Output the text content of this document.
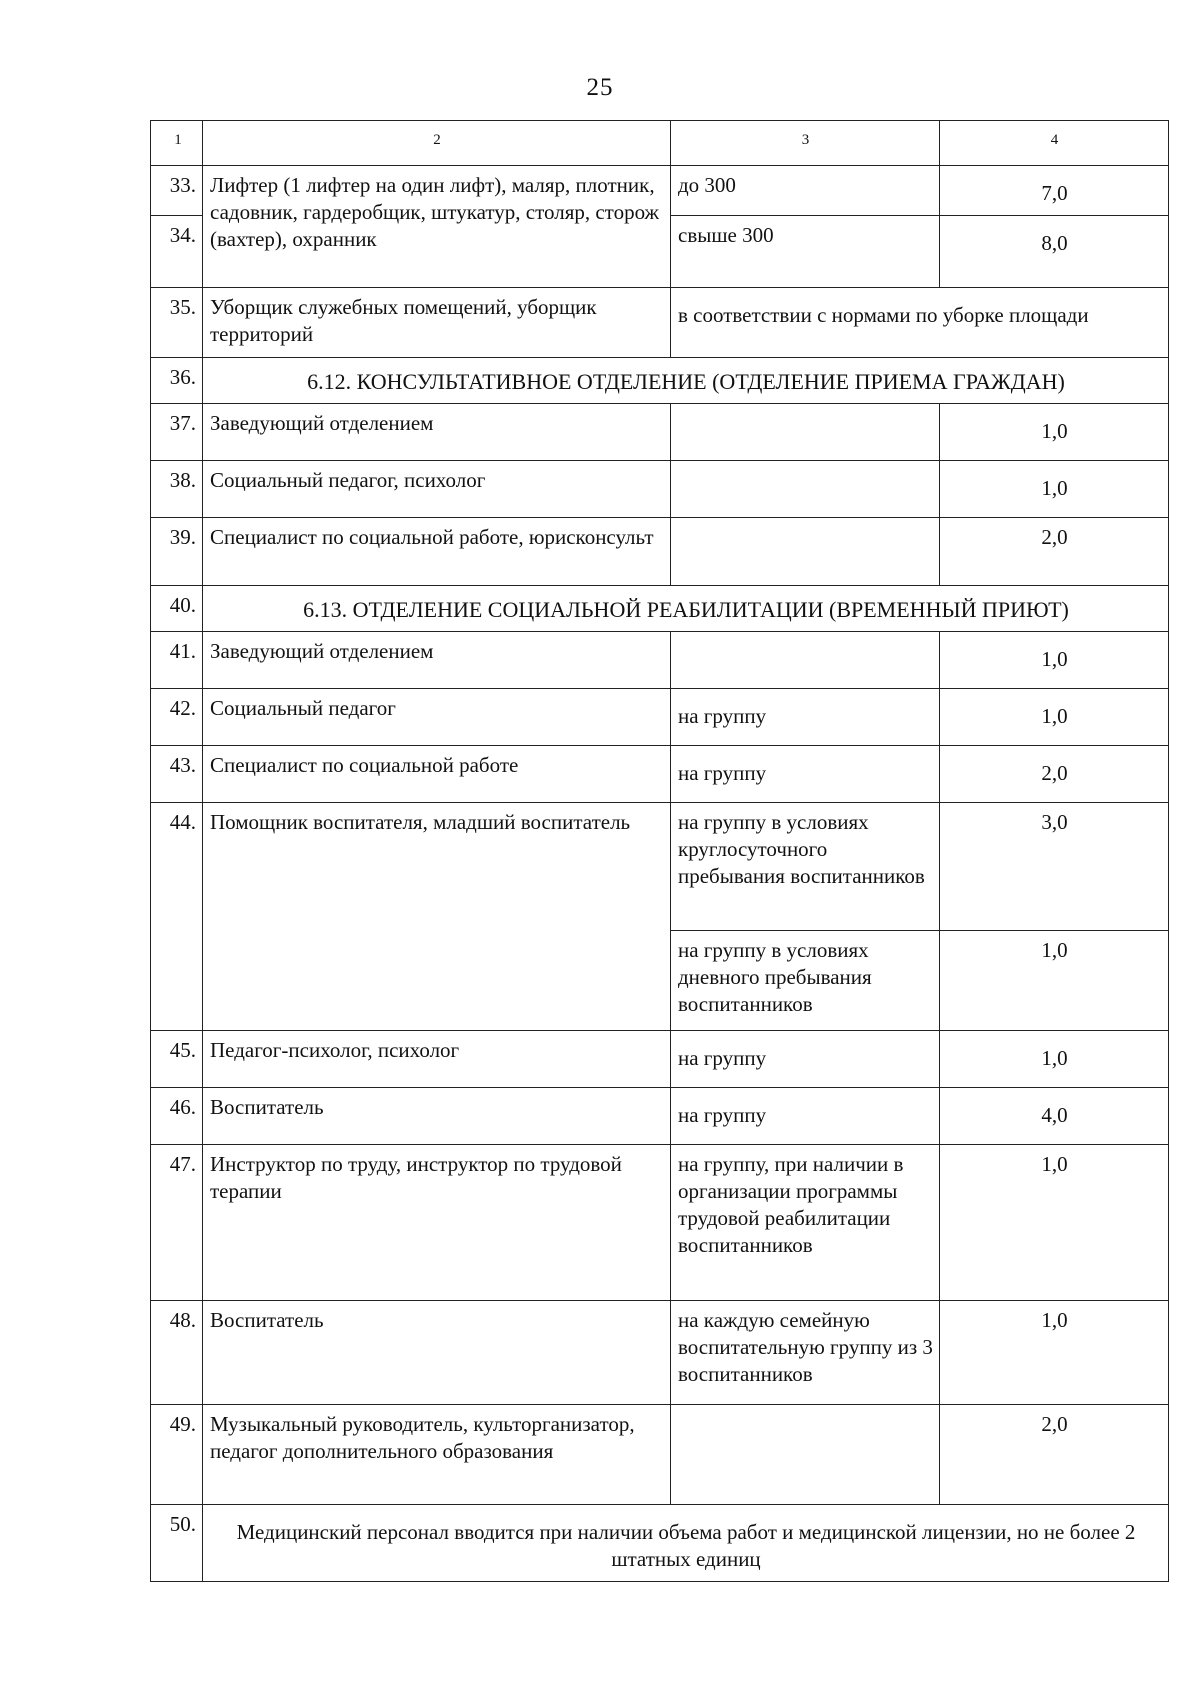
25
1	2	3	4
33.	Лифтер (1 лифтер на один лифт), маляр, плотник, садовник, гардеробщик, штукатур, столяр, сторож (вахтер), охранник	до 300	7,0
34.		свыше 300	8,0
35.	Уборщик служебных помещений, уборщик территорий	в соответствии с нормами по уборке площади	
36.	6.12. КОНСУЛЬТАТИВНОЕ ОТДЕЛЕНИЕ (ОТДЕЛЕНИЕ ПРИЕМА ГРАЖДАН)		
37.	Заведующий отделением		1,0
38.	Социальный педагог, психолог		1,0
39.	Специалист по социальной работе, юрисконсульт		2,0
40.	6.13. ОТДЕЛЕНИЕ СОЦИАЛЬНОЙ РЕАБИЛИТАЦИИ (ВРЕМЕННЫЙ ПРИЮТ)		
41.	Заведующий отделением		1,0
42.	Социальный педагог	на группу	1,0
43.	Специалист по социальной работе	на группу	2,0
44.	Помощник воспитателя, младший воспитатель	на группу в условиях круглосуточного пребывания воспитанников	3,0
		на группу в условиях дневного пребывания воспитанников	1,0
45.	Педагог-психолог, психолог	на группу	1,0
46.	Воспитатель	на группу	4,0
47.	Инструктор по труду, инструктор по трудовой терапии	на группу, при наличии в организации программы трудовой реабилитации воспитанников	1,0
48.	Воспитатель	на каждую семейную воспитательную группу из 3 воспитанников	1,0
49.	Музыкальный руководитель, культорганизатор, педагог дополнительного образования		2,0
50.	Медицинский персонал вводится при наличии объема работ и медицинской лицензии, но не более 2 штатных единиц		
